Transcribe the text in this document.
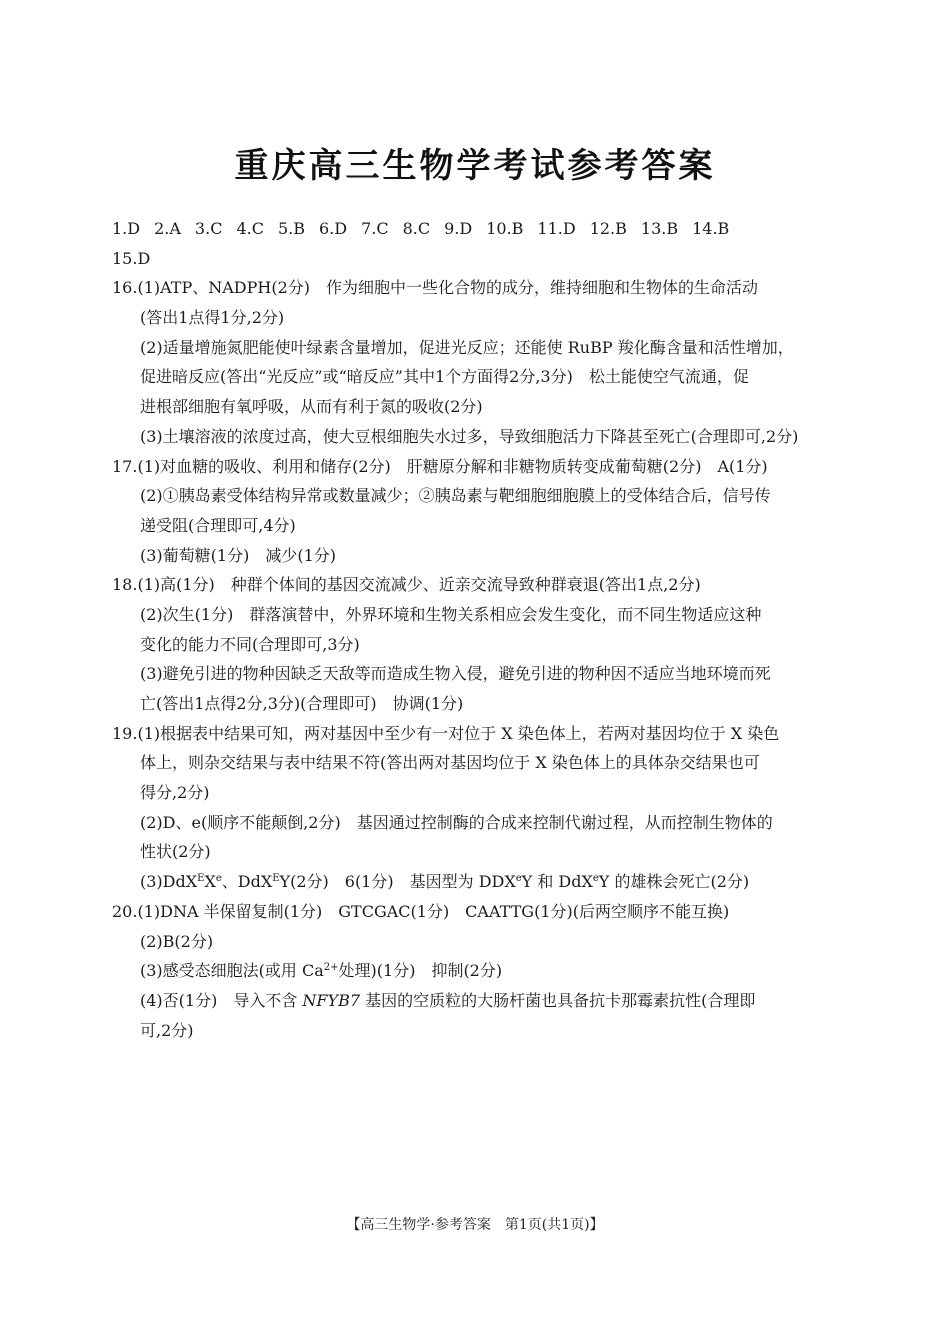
重庆高三生物学考试参考答案
1.D 2.A 3.C 4.C 5.B 6.D 7.C 8.C 9.D 10.B 11.D 12.B 13.B 14.B
15.D
16.(1)ATP、NADPH(2分)　作为细胞中一些化合物的成分，维持细胞和生物体的生命活动
(答出1点得1分,2分)
(2)适量增施氮肥能使叶绿素含量增加，促进光反应；还能使 RuBP 羧化酶含量和活性增加，
促进暗反应(答出“光反应”或“暗反应”其中1个方面得2分,3分)　松土能使空气流通，促
进根部细胞有氧呼吸，从而有利于氮的吸收(2分)
(3)土壤溶液的浓度过高，使大豆根细胞失水过多，导致细胞活力下降甚至死亡(合理即可,2分)
17.(1)对血糖的吸收、利用和储存(2分)　肝糖原分解和非糖物质转变成葡萄糖(2分)　A(1分)
(2)①胰岛素受体结构异常或数量减少；②胰岛素与靶细胞细胞膜上的受体结合后，信号传
递受阻(合理即可,4分)
(3)葡萄糖(1分)　减少(1分)
18.(1)高(1分)　种群个体间的基因交流减少、近亲交流导致种群衰退(答出1点,2分)
(2)次生(1分)　群落演替中，外界环境和生物关系相应会发生变化，而不同生物适应这种
变化的能力不同(合理即可,3分)
(3)避免引进的物种因缺乏天敌等而造成生物入侵，避免引进的物种因不适应当地环境而死
亡(答出1点得2分,3分)(合理即可)　协调(1分)
19.(1)根据表中结果可知，两对基因中至少有一对位于 X 染色体上，若两对基因均位于 X 染色
体上，则杂交结果与表中结果不符(答出两对基因均位于 X 染色体上的具体杂交结果也可
得分,2分)
(2)D、e(顺序不能颠倒,2分)　基因通过控制酶的合成来控制代谢过程，从而控制生物体的
性状(2分)
(3)DdX$^E$Xe、DdX$^E$Y(2分)　6(1分)　基因型为 DDXeY 和 DdX$^e$Y 的雄株会死亡(2分)
20.(1)DNA 半保留复制(1分)　GTCGAC(1分)　CAATTG(1分)(后两空顺序不能互换)
(2)B(2分)
(3)感受态细胞法(或用 $Ca^{2+}$处理)(1分)　抑制(2分)
(4)否(1分)　导入不含 NFYB7 基因的空质粒的大肠杆菌也具备抗卡那霉素抗性(合理即
可,2分)
【高三生物学·参考答案　第1页(共1页)】
